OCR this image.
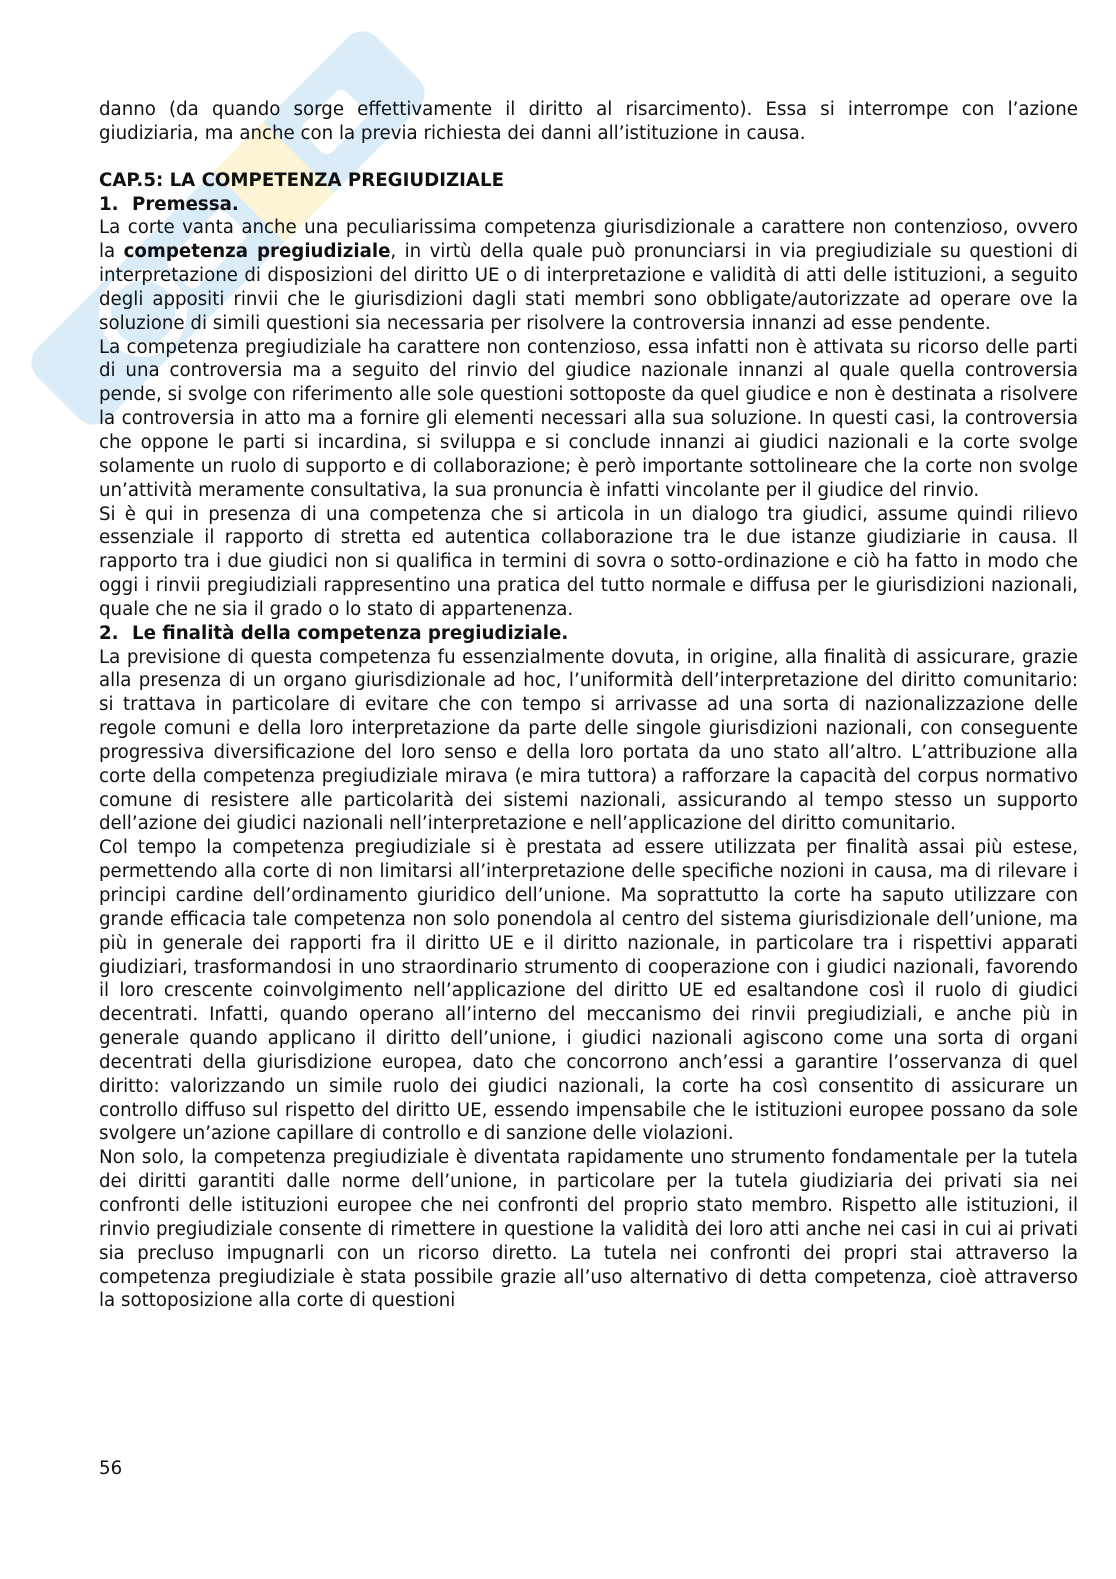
danno (da quando sorge effettivamente il diritto al risarcimento). Essa si interrompe con l’azione giudiziaria, ma anche con la previa richiesta dei danni all’istituzione in causa.

CAP.5: LA COMPETENZA PREGIUDIZIALE

1. Premessa.

La corte vanta anche una peculiarissima competenza giurisdizionale a carattere non contenzioso, ovvero la competenza pregiudiziale, in virtù della quale può pronunciarsi in via pregiudiziale su questioni di interpretazione di disposizioni del diritto UE o di interpretazione e validità di atti delle istituzioni, a seguito degli appositi rinvii che le giurisdizioni dagli stati membri sono obbligate/autorizzate ad operare ove la soluzione di simili questioni sia necessaria per risolvere la controversia innanzi ad esse pendente.

La competenza pregiudiziale ha carattere non contenzioso, essa infatti non è attivata su ricorso delle parti di una controversia ma a seguito del rinvio del giudice nazionale innanzi al quale quella controversia pende, si svolge con riferimento alle sole questioni sottoposte da quel giudice e non è destinata a risolvere la controversia in atto ma a fornire gli elementi necessari alla sua soluzione. In questi casi, la controversia che oppone le parti si incardina, si sviluppa e si conclude innanzi ai giudici nazionali e la corte svolge solamente un ruolo di supporto e di collaborazione; è però importante sottolineare che la corte non svolge un’attività meramente consultativa, la sua pronuncia è infatti vincolante per il giudice del rinvio.

Si è qui in presenza di una competenza che si articola in un dialogo tra giudici, assume quindi rilievo essenziale il rapporto di stretta ed autentica collaborazione tra le due istanze giudiziarie in causa. Il rapporto tra i due giudici non si qualifica in termini di sovra o sotto-ordinazione e ciò ha fatto in modo che oggi i rinvii pregiudiziali rappresentino una pratica del tutto normale e diffusa per le giurisdizioni nazionali, quale che ne sia il grado o lo stato di appartenenza.

2. Le finalità della competenza pregiudiziale.

La previsione di questa competenza fu essenzialmente dovuta, in origine, alla finalità di assicurare, grazie alla presenza di un organo giurisdizionale ad hoc, l’uniformità dell’interpretazione del diritto comunitario: si trattava in particolare di evitare che con tempo si arrivasse ad una sorta di nazionalizzazione delle regole comuni e della loro interpretazione da parte delle singole giurisdizioni nazionali, con conseguente progressiva diversificazione del loro senso e della loro portata da uno stato all’altro. L’attribuzione alla corte della competenza pregiudiziale mirava (e mira tuttora) a rafforzare la capacità del corpus normativo comune di resistere alle particolarità dei sistemi nazionali, assicurando al tempo stesso un supporto dell’azione dei giudici nazionali nell’interpretazione e nell’applicazione del diritto comunitario.

Col tempo la competenza pregiudiziale si è prestata ad essere utilizzata per finalità assai più estese, permettendo alla corte di non limitarsi all’interpretazione delle specifiche nozioni in causa, ma di rilevare i principi cardine dell’ordinamento giuridico dell’unione. Ma soprattutto la corte ha saputo utilizzare con grande efficacia tale competenza non solo ponendola al centro del sistema giurisdizionale dell’unione, ma più in generale dei rapporti fra il diritto UE e il diritto nazionale, in particolare tra i rispettivi apparati giudiziari, trasformandosi in uno straordinario strumento di cooperazione con i giudici nazionali, favorendo il loro crescente coinvolgimento nell’applicazione del diritto UE ed esaltandone così il ruolo di giudici decentrati. Infatti, quando operano all’interno del meccanismo dei rinvii pregiudiziali, e anche più in generale quando applicano il diritto dell’unione, i giudici nazionali agiscono come una sorta di organi decentrati della giurisdizione europea, dato che concorrono anch’essi a garantire l’osservanza di quel diritto: valorizzando un simile ruolo dei giudici nazionali, la corte ha così consentito di assicurare un controllo diffuso sul rispetto del diritto UE, essendo impensabile che le istituzioni europee possano da sole svolgere un’azione capillare di controllo e di sanzione delle violazioni.

Non solo, la competenza pregiudiziale è diventata rapidamente uno strumento fondamentale per la tutela dei diritti garantiti dalle norme dell’unione, in particolare per la tutela giudiziaria dei privati sia nei confronti delle istituzioni europee che nei confronti del proprio stato membro. Rispetto alle istituzioni, il rinvio pregiudiziale consente di rimettere in questione la validità dei loro atti anche nei casi in cui ai privati sia precluso impugnarli con un ricorso diretto. La tutela nei confronti dei propri stai attraverso la competenza pregiudiziale è stata possibile grazie all’uso alternativo di detta competenza, cioè attraverso la sottoposizione alla corte di questioni

56
